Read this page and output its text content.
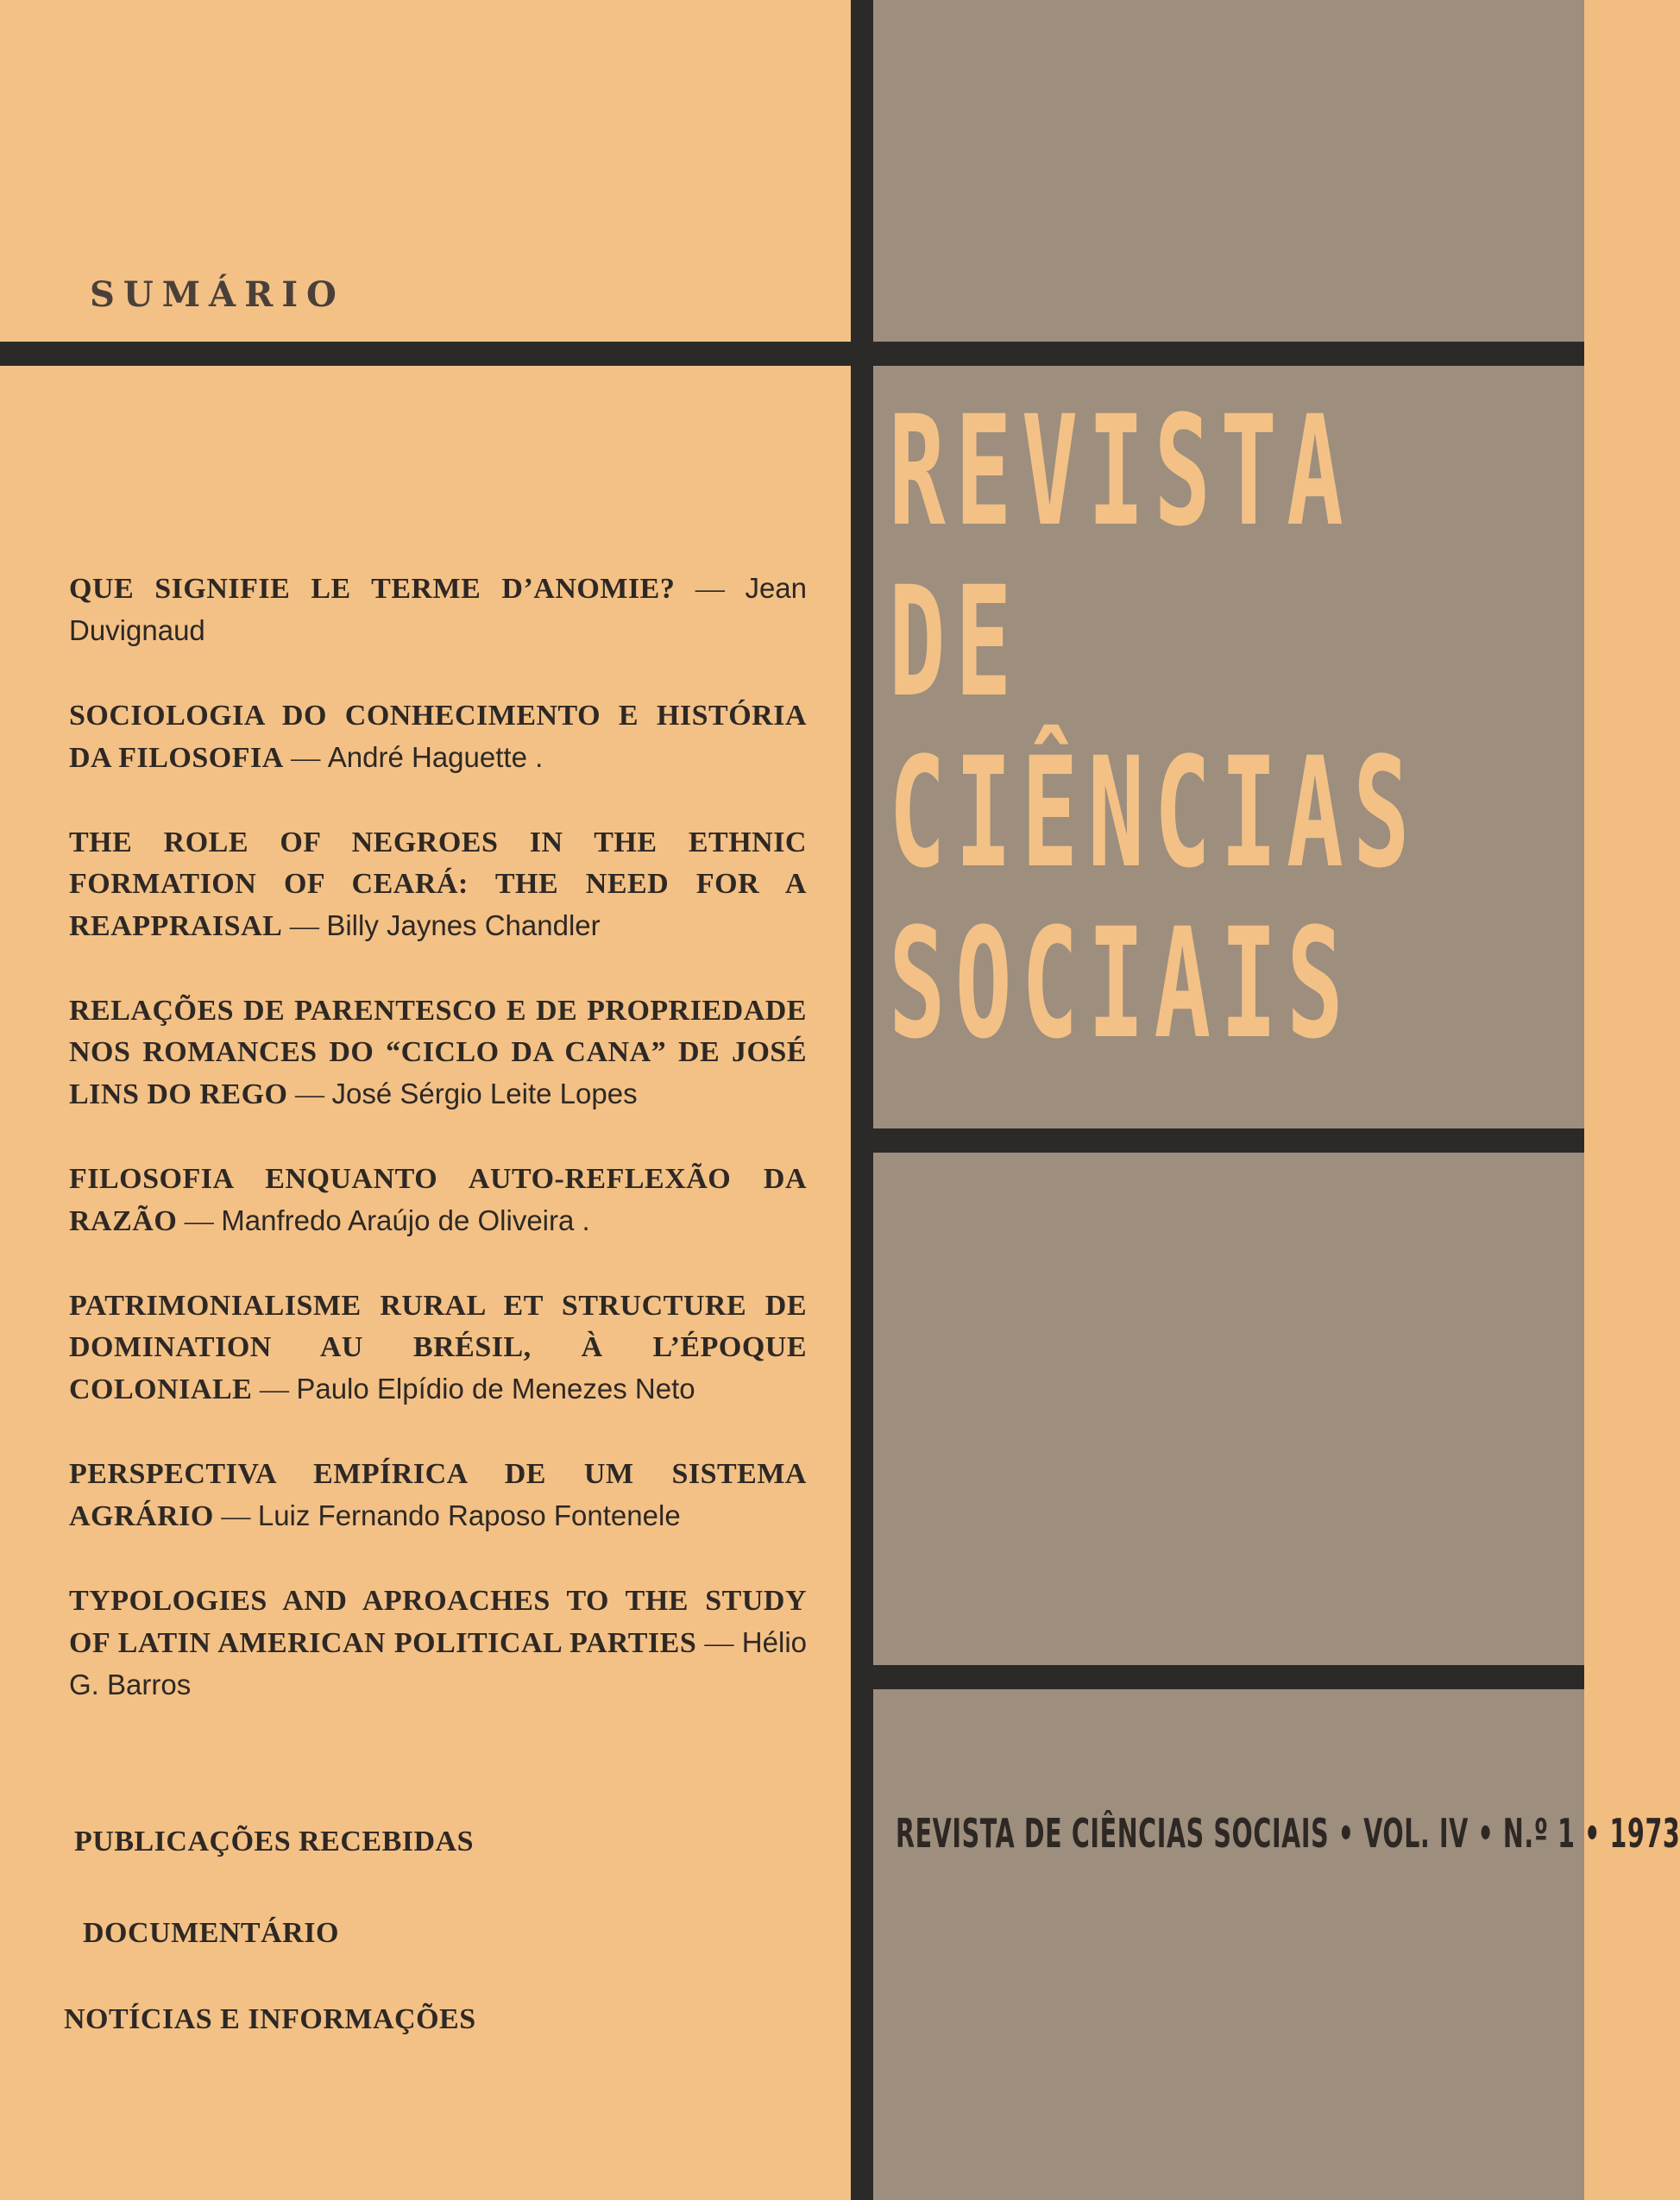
SUMÁRIO
QUE SIGNIFIE LE TERME D’ANOMIE? — Jean Duvignaud
SOCIOLOGIA DO CONHECIMENTO E HISTÓRIA DA FILOSOFIA — André Haguette .
THE ROLE OF NEGROES IN THE ETHNIC FORMATION OF CEARÁ: THE NEED FOR A REAPPRAISAL — Billy Jaynes Chandler
RELAÇÕES DE PARENTESCO E DE PROPRIEDADE NOS ROMANCES DO “CICLO DA CANA” DE JOSÉ LINS DO REGO — José Sérgio Leite Lopes
FILOSOFIA ENQUANTO AUTO-REFLEXÃO DA RAZÃO — Manfredo Araújo de Oliveira .
PATRIMONIALISME RURAL ET STRUCTURE DE DOMINATION AU BRÉSIL, À L’ÉPOQUE COLONIALE — Paulo Elpídio de Menezes Neto
PERSPECTIVA EMPÍRICA DE UM SISTEMA AGRÁRIO — Luiz Fernando Raposo Fontenele
TYPOLOGIES AND APROACHES TO THE STUDY OF LATIN AMERICAN POLITICAL PARTIES — Hélio G. Barros
PUBLICAÇÕES RECEBIDAS
DOCUMENTÁRIO
NOTÍCIAS E INFORMAÇÕES
REVISTA
DE
CIÊNCIAS
SOCIAIS
REVISTA DE CIÊNCIAS SOCIAIS • VOL. IV • N.º 1 • 1973
